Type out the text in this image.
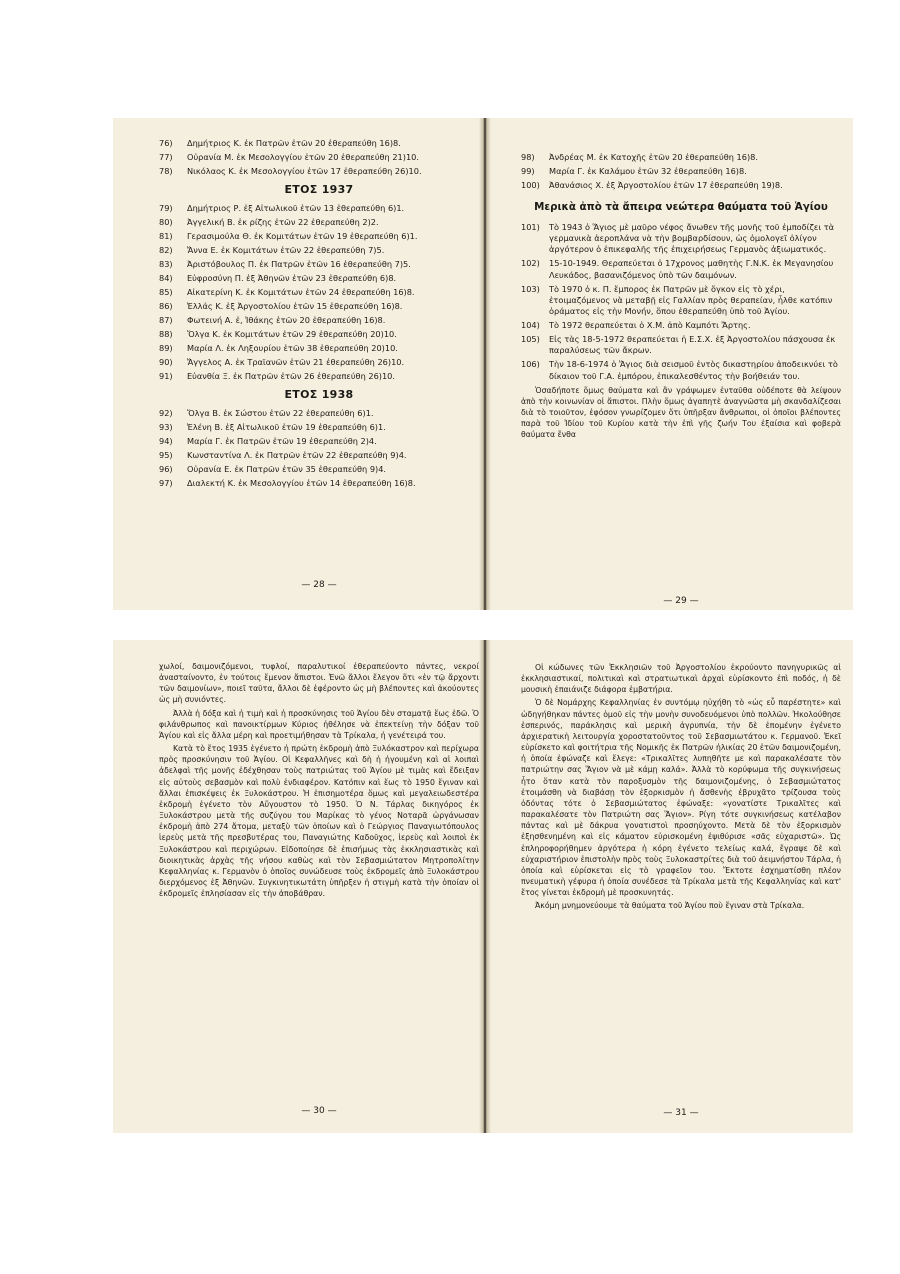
76) Δημήτριος Κ. ἐκ Πατρῶν ἐτῶν 20 ἐθεραπεύθη 16)8.
77) Οὐρανία Μ. ἐκ Μεσολογγίου ἐτῶν 20 ἐθεραπεύθη 21)10.
78) Νικόλαος Κ. ἐκ Μεσολογγίου ἐτῶν 17 ἐθεραπεύθη 26)10.
ΕΤΟΣ 1937
79) Δημήτριος Ρ. ἐξ Αἰτωλικοῦ ἐτῶν 13 ἐθεραπεύθη 6)1.
80) Ἀγγελική Β. ἐκ ρίζης ἐτῶν 22 ἐθεραπεύθη 2)2.
81) Γερασιμούλα Θ. ἐκ Κομιτάτων ἐτῶν 19 ἐθεραπεύθη 6)1.
82) Ἄννα Ε. ἐκ Κομιτάτων ἐτῶν 22 ἐθεραπεύθη 7)5.
83) Ἀριστόβουλος Π. ἐκ Πατρῶν ἐτῶν 16 ἐθεραπεύθη 7)5.
84) Εὐφροσύνη Π. ἐξ Ἀθηνῶν ἐτῶν 23 ἐθεραπεύθη 6)8.
85) Αἰκατερίνη Κ. ἐκ Κομιτάτων ἐτῶν 24 ἐθεραπεύθη 16)8.
86) Ἑλλάς Κ. ἐξ Ἀργοστολίου ἐτῶν 15 ἐθεραπεύθη 16)8.
87) Φωτεινή Α. ἐ, Ἰθάκης ἐτῶν 20 ἐθεραπεύθη 16)8.
88) Ὄλγα Κ. ἐκ Κομιτάτων ἐτῶν 29 ἐθεραπεύθη 20)10.
89) Μαρία Λ. ἐκ Ληξουρίου ἐτῶν 38 ἐθεραπεύθη 20)10.
90) Ἄγγελος Α. ἐκ Τραϊανῶν ἐτῶν 21 ἐθεραπεύθη 26)10.
91) Εὐανθία Ξ. ἐκ Πατρῶν ἐτῶν 26 ἐθεραπεύθη 26)10.
ΕΤΟΣ 1938
92) Ὄλγα Β. ἐκ Σώστου ἐτῶν 22 ἐθεραπεύθη 6)1.
93) Ἑλένη Β. ἐξ Αἰτωλικοῦ ἐτῶν 19 ἐθεραπεύθη 6)1.
94) Μαρία Γ. ἐκ Πατρῶν ἐτῶν 19 ἐθεραπεύθη 2)4.
95) Κωνσταντίνα Λ. ἐκ Πατρῶν ἐτῶν 22 ἐθεραπεύθη 9)4.
96) Οὐρανία Ε. ἐκ Πατρῶν ἐτῶν 35 ἐθεραπεύθη 9)4.
97) Διαλεκτή Κ. ἐκ Μεσολογγίου ἐτῶν 14 ἐθεραπεύθη 16)8.
— 28 —
98) Ἀνδρέας Μ. ἐκ Κατοχῆς ἐτῶν 20 ἐθεραπεύθη 16)8.
99) Μαρία Γ. ἐκ Καλάμου ἐτῶν 32 ἐθεραπεύθη 16)8.
100) Ἀθανάσιος Χ. ἐξ Ἀργοστολίου ἐτῶν 17 ἐθεραπεύθη 19)8.
Μερικὰ ἀπὸ τὰ ἄπειρα νεώτερα θαύματα τοῦ Ἁγίου
101) Τὸ 1943 ὁ Ἅγιος μὲ μαῦρο νέφος ἄνωθεν τῆς μονῆς τοῦ ἐμποδίζει τὰ γερμανικὰ ἀεροπλάνα νὰ τὴν βομβαρδίσουν, ὡς ὁμολογεῖ ὀλίγον ἀργότερον ὁ ἐπικεφαλῆς τῆς ἐπιχειρήσεως Γερμανὸς ἀξιωματικός.
102) 15-10-1949. Θεραπεύεται ὁ 17χρονος μαθητὴς Γ.Ν.Κ. ἐκ Μεγανησίου Λευκάδος, βασανιζόμενος ὑπὸ τῶν δαιμόνων.
103) Τὸ 1970 ὁ κ. Π. ἔμπορος ἐκ Πατρῶν μὲ ὄγκον εἰς τὸ χέρι, ἑτοιμαζόμενος νὰ μεταβῇ εἰς Γαλλίαν πρὸς θεραπείαν, ἦλθε κατόπιν ὁράματος εἰς τὴν Μονήν, ὅπου ἐθεραπεύθη ὑπὸ τοῦ Ἁγίου.
104) Τὸ 1972 θεραπεύεται ὁ Χ.Μ. ἀπὸ Καμπότι Ἄρτης.
105) Εἰς τὰς 18-5-1972 θεραπεύεται ἡ Ε.Σ.Χ. ἐξ Ἀργοστολίου πάσχουσα ἐκ παραλύσεως τῶν ἄκρων.
106) Τὴν 18-6-1974 ὁ Ἅγιος διὰ σεισμοῦ ἐντὸς δικαστηρίου ἀποδεικνύει τὸ δίκαιον τοῦ Γ.Α. ἐμπόρου, ἐπικαλεσθέντος τὴν βοήθειάν του.

Ὁσαδήποτε ὅμως θαύματα καὶ ἂν γράψωμεν ἐνταῦθα οὐδέποτε θὰ λείψουν ἀπὸ τὴν κοινωνίαν οἱ ἄπιστοι. Πλὴν ὅμως ἀγαπητὲ ἀναγνῶστα μὴ σκανδαλίζεσαι διὰ τὸ τοιοῦτον, ἐφόσον γνωρίζομεν ὅτι ὑπῆρξαν ἄνθρωποι, οἱ ὁποῖοι βλέποντες παρὰ τοῦ Ἰδίου τοῦ Κυρίου κατὰ τὴν ἐπὶ γῆς ζωήν Του ἐξαίσια καὶ φοβερὰ θαύματα ἔνθα

— 29 —

χωλοί, δαιμονιζόμενοι, τυφλοί, παραλυτικοί ἐθεραπεύοντο πάντες, νεκροί ἀνασταίνοντο, ἐν τούτοις ἔμενον ἄπιστοι. Ἐνῶ ἄλλοι ἔλεγον ὅτι «ἐν τῷ ἄρχοντι τῶν δαιμονίων», ποιεῖ ταῦτα, ἄλλοι δὲ ἐφέροντο ὡς μὴ βλέποντες καὶ ἀκούοντες ὡς μὴ συνιόντες.

Ἀλλὰ ἡ δόξα καὶ ἡ τιμὴ καὶ ἡ προσκύνησις τοῦ Ἁγίου δὲν σταματᾷ ἕως ἐδῶ. Ὁ φιλάνθρωπος καὶ πανοικτίρμων Κύριος ἠθέλησε νὰ ἐπεκτείνῃ τὴν δόξαν τοῦ Ἁγίου καὶ εἰς ἄλλα μέρη καὶ προετιμήθησαν τὰ Τρίκαλα, ἡ γενέτειρά του.

Κατὰ τὸ ἔτος 1935 ἐγένετο ἡ πρώτη ἐκδρομὴ ἀπὸ Ξυλόκαστρον καὶ περίχωρα πρὸς προσκύνησιν τοῦ Ἁγίου. Οἱ Κεφαλλῆνες καὶ δὴ ἡ ἡγουμένη καὶ αἱ λοιπαὶ ἀδελφαὶ τῆς μονῆς ἐδέχθησαν τοὺς πατριώτας τοῦ Ἁγίου μὲ τιμὰς καὶ ἔδειξαν εἰς αὐτοὺς σεβασμὸν καὶ πολὺ ἐνδιαφέρον. Κατόπιν καὶ ἕως τὸ 1950 ἔγιναν καὶ ἄλλαι ἐπισκέψεις ἐκ Ξυλοκάστρου. Ἡ ἐπισημοτέρα ὅμως καὶ μεγαλειωδεστέρα ἐκδρομὴ ἐγένετο τὸν Αὔγουστον τὸ 1950. Ὁ Ν. Τάρλας δικηγόρος ἐκ Ξυλοκάστρου μετὰ τῆς συζύγου του Μαρίκας τὸ γένος Νοταρᾶ ὠργάνωσαν ἐκδρομὴ ἀπὸ 274 ἄτομα, μεταξὺ τῶν ὁποίων καὶ ὁ Γεώργιος Παναγιωτόπουλος ἱερεὺς μετὰ τῆς πρεσβυτέρας του, Παναγιώτης Καδοῦχος, ἱερεὺς καὶ λοιποὶ ἐκ Ξυλοκάστρου καὶ περιχώρων. Εἰδοποίησε δὲ ἐπισήμως τὰς ἐκκλησιαστικὰς καὶ διοικητικὰς ἀρχὰς τῆς νήσου καθὼς καὶ τὸν Σεβασμιώτατον Μητροπολίτην Κεφαλληνίας κ. Γερμανὸν ὁ ὁποῖος συνώδευσε τοὺς ἐκδρομεῖς ἀπὸ Ξυλοκάστρου διερχόμενος ἐξ Ἀθηνῶν. Συγκινητικωτάτη ὑπῆρξεν ἡ στιγμὴ κατὰ τὴν ὁποίαν οἱ ἐκδρομεῖς ἐπλησίασαν εἰς τὴν ἀποβάθραν.

— 30 —

Οἱ κώδωνες τῶν Ἐκκλησιῶν τοῦ Ἀργοστολίου ἐκρούοντο πανηγυρικῶς αἱ ἐκκλησιαστικαί, πολιτικαὶ καὶ στρατιωτικαὶ ἀρχαὶ εὑρίσκοντο ἐπὶ ποδός, ἡ δὲ μουσικὴ ἐπαιάνιζε διάφορα ἐμβατήρια.

Ὁ δὲ Νομάρχης Κεφαλληνίας ἐν συντόμῳ ηὐχήθη τὸ «ὡς εὖ παρέστητε» καὶ ὡδηγήθηκαν πάντες ὁμοῦ εἰς τὴν μονὴν συνοδευόμενοι ὑπὸ πολλῶν. Ἠκολούθησε ἑσπερινός, παράκλησις καὶ μερικὴ ἀγρυπνία, τὴν δὲ ἑπομένην ἐγένετο ἀρχιερατικὴ λειτουργία χοροστατοῦντος τοῦ Σεβασμιωτάτου κ. Γερμανοῦ. Ἐκεῖ εὑρίσκετο καὶ φοιτήτρια τῆς Νομικῆς ἐκ Πατρῶν ἡλικίας 20 ἐτῶν δαιμονιζομένη, ἡ ὁποία ἐφώναζε καὶ ἔλεγε: «Τρικαλῖτες λυπηθῆτε με καὶ παρακαλέσατε τὸν πατριώτην σας Ἅγιον νὰ μὲ κάμῃ καλά». Ἀλλὰ τὸ κορύφωμα τῆς συγκινήσεως ἦτο ὅταν κατὰ τὸν παροξυσμὸν τῆς δαιμονιζομένης, ὁ Σεβασμιώτατος ἑτοιμάσθη νὰ διαβάσῃ τὸν ἐξορκισμὸν ἡ ἄσθενὴς ἐβρυχᾶτο τρίζουσα τοὺς ὀδόντας τότε ὁ Σεβασμιώτατος ἐφώναξε: «γονατίστε Τρικαλῖτες καὶ παρακαλέσατε τὸν Πατριώτη σας Ἅγιον». Ρίγη τότε συγκινήσεως κατέλαβον πάντας καὶ μὲ δάκρυα γονατιστοὶ προσηύχοντο. Μετὰ δὲ τὸν ἐξορκισμὸν ἐξησθενημένη καὶ εἰς κάματον εὑρισκομένη ἐψιθύρισε «σᾶς εὐχαριστῶ». Ὡς ἐπληροφορήθημεν ἀργότερα ἡ κόρη ἐγένετο τελείως καλά, ἔγραψε δὲ καὶ εὐχαριστήριον ἐπιστολὴν πρὸς τοὺς Ξυλοκαστρίτες διὰ τοῦ ἀειμνήστου Τάρλα, ἡ ὁποία καὶ εὑρίσκεται εἰς τὸ γραφεῖον του. Ἔκτοτε ἐσχηματίσθη πλέον πνευματικὴ γέφυρα ἡ ὁποία συνέδεσε τὰ Τρίκαλα μετὰ τῆς Κεφαλληνίας καὶ κατ' ἔτος γίνεται ἐκδρομὴ μὲ προσκυνητάς.

Ἀκόμη μνημονεύουμε τὰ θαύματα τοῦ Ἁγίου ποὺ ἔγιναν στὰ Τρίκαλα.

— 31 —
